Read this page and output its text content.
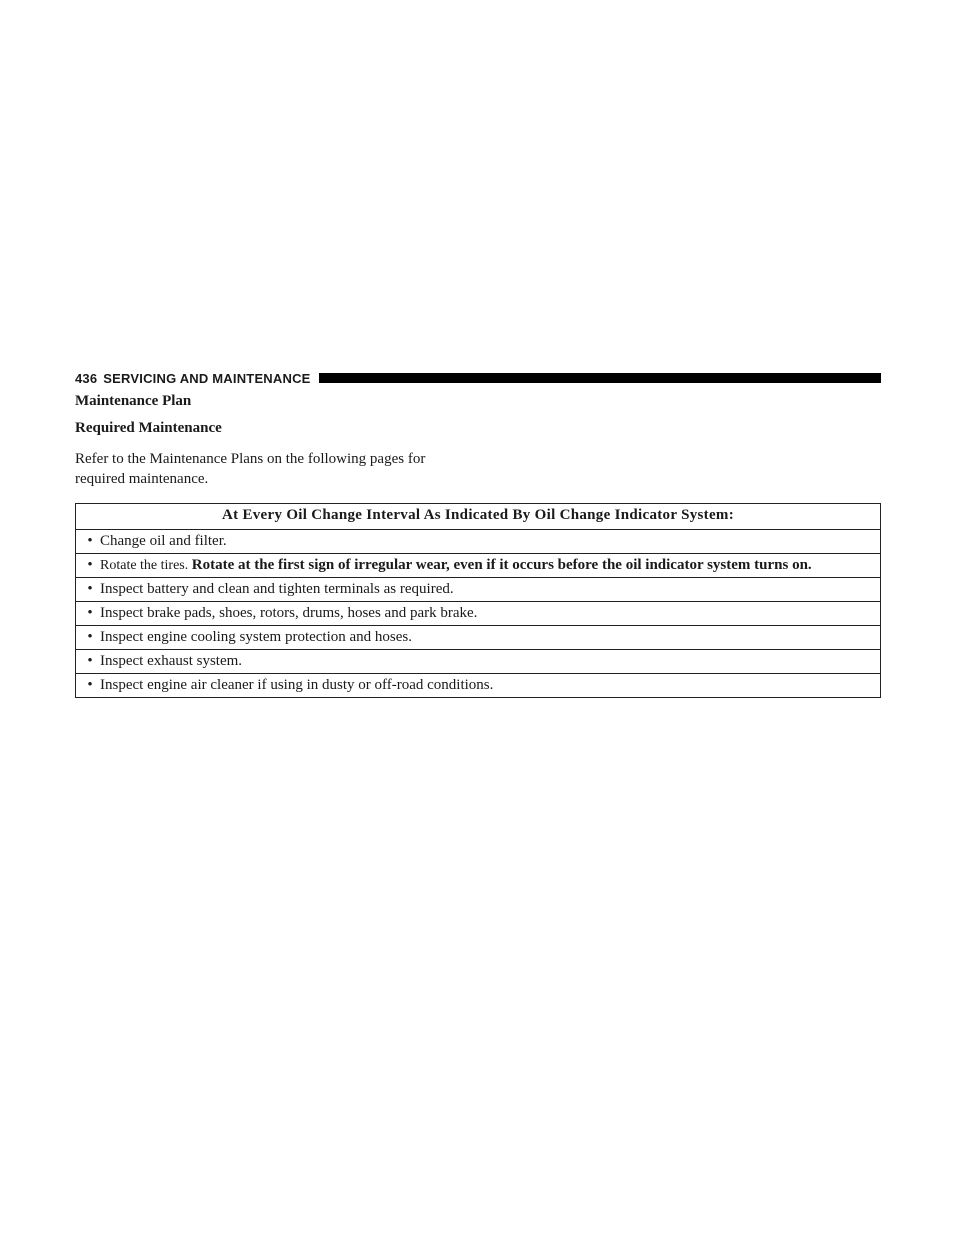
436 SERVICING AND MAINTENANCE
Maintenance Plan
Required Maintenance

Refer to the Maintenance Plans on the following pages for
required maintenance.

At Every Oil Change Interval As Indicated By Oil Change Indicator System:

• Change oil and filter.

• Rotate the tires. Rotate at the first sign of irregular wear, even if it occurs before the oil indicator system turns on.

• Inspect battery and clean and tighten terminals as required.

• Inspect brake pads, shoes, rotors, drums, hoses and park brake.

• Inspect engine cooling system protection and hoses.

• Inspect exhaust system.

• Inspect engine air cleaner if using in dusty or off-road conditions.
